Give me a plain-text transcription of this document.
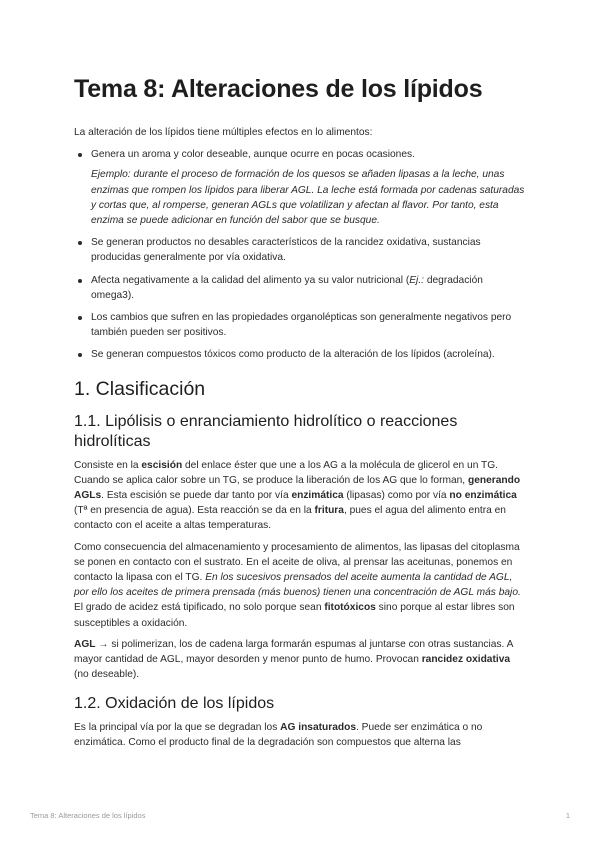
Tema 8: Alteraciones de los lípidos

La alteración de los lípidos tiene múltiples efectos en lo alimentos:

Genera un aroma y color deseable, aunque ocurre en pocas ocasiones.

Ejemplo: durante el proceso de formación de los quesos se añaden lipasas a la leche, unas enzimas que rompen los lípidos para liberar AGL. La leche está formada por cadenas saturadas y cortas que, al romperse, generan AGLs que volatilizan y afectan al flavor. Por tanto, esta enzima se puede adicionar en función del sabor que se busque.

Se generan productos no desables característicos de la rancidez oxidativa, sustancias producidas generalmente por vía oxidativa.
Afecta negativamente a la calidad del alimento ya su valor nutricional (Ej.: degradación omega3).
Los cambios que sufren en las propiedades organolépticas son generalmente negativos pero también pueden ser positivos.
Se generan compuestos tóxicos como producto de la alteración de los lípidos (acroleína).
1. Clasificación
1.1. Lipólisis o enranciamiento hidrolítico o reacciones hidrolíticas

Consiste en la escisión del enlace éster que une a los AG a la molécula de glicerol en un TG. Cuando se aplica calor sobre un TG, se produce la liberación de los AG que lo forman, generando AGLs. Esta escisión se puede dar tanto por vía enzimática (lipasas) como por vía no enzimática (Tª en presencia de agua). Esta reacción se da en la fritura, pues el agua del alimento entra en contacto con el aceite a altas temperaturas.

Como consecuencia del almacenamiento y procesamiento de alimentos, las lipasas del citoplasma se ponen en contacto con el sustrato. En el aceite de oliva, al prensar las aceitunas, ponemos en contacto la lipasa con el TG. En los sucesivos prensados del aceite aumenta la cantidad de AGL, por ello los aceites de primera prensada (más buenos) tienen una concentración de AGL más bajo. El grado de acidez está tipificado, no solo porque sean fitotóxicos sino porque al estar libres son susceptibles a oxidación.

AGL → si polimerizan, los de cadena larga formarán espumas al juntarse con otras sustancias. A mayor cantidad de AGL, mayor desorden y menor punto de humo. Provocan rancidez oxidativa (no deseable).

1.2. Oxidación de los lípidos

Es la principal vía por la que se degradan los AG insaturados. Puede ser enzimática o no enzimática. Como el producto final de la degradación son compuestos que alterna las

Tema 8: Alteraciones de los lípidos	1
